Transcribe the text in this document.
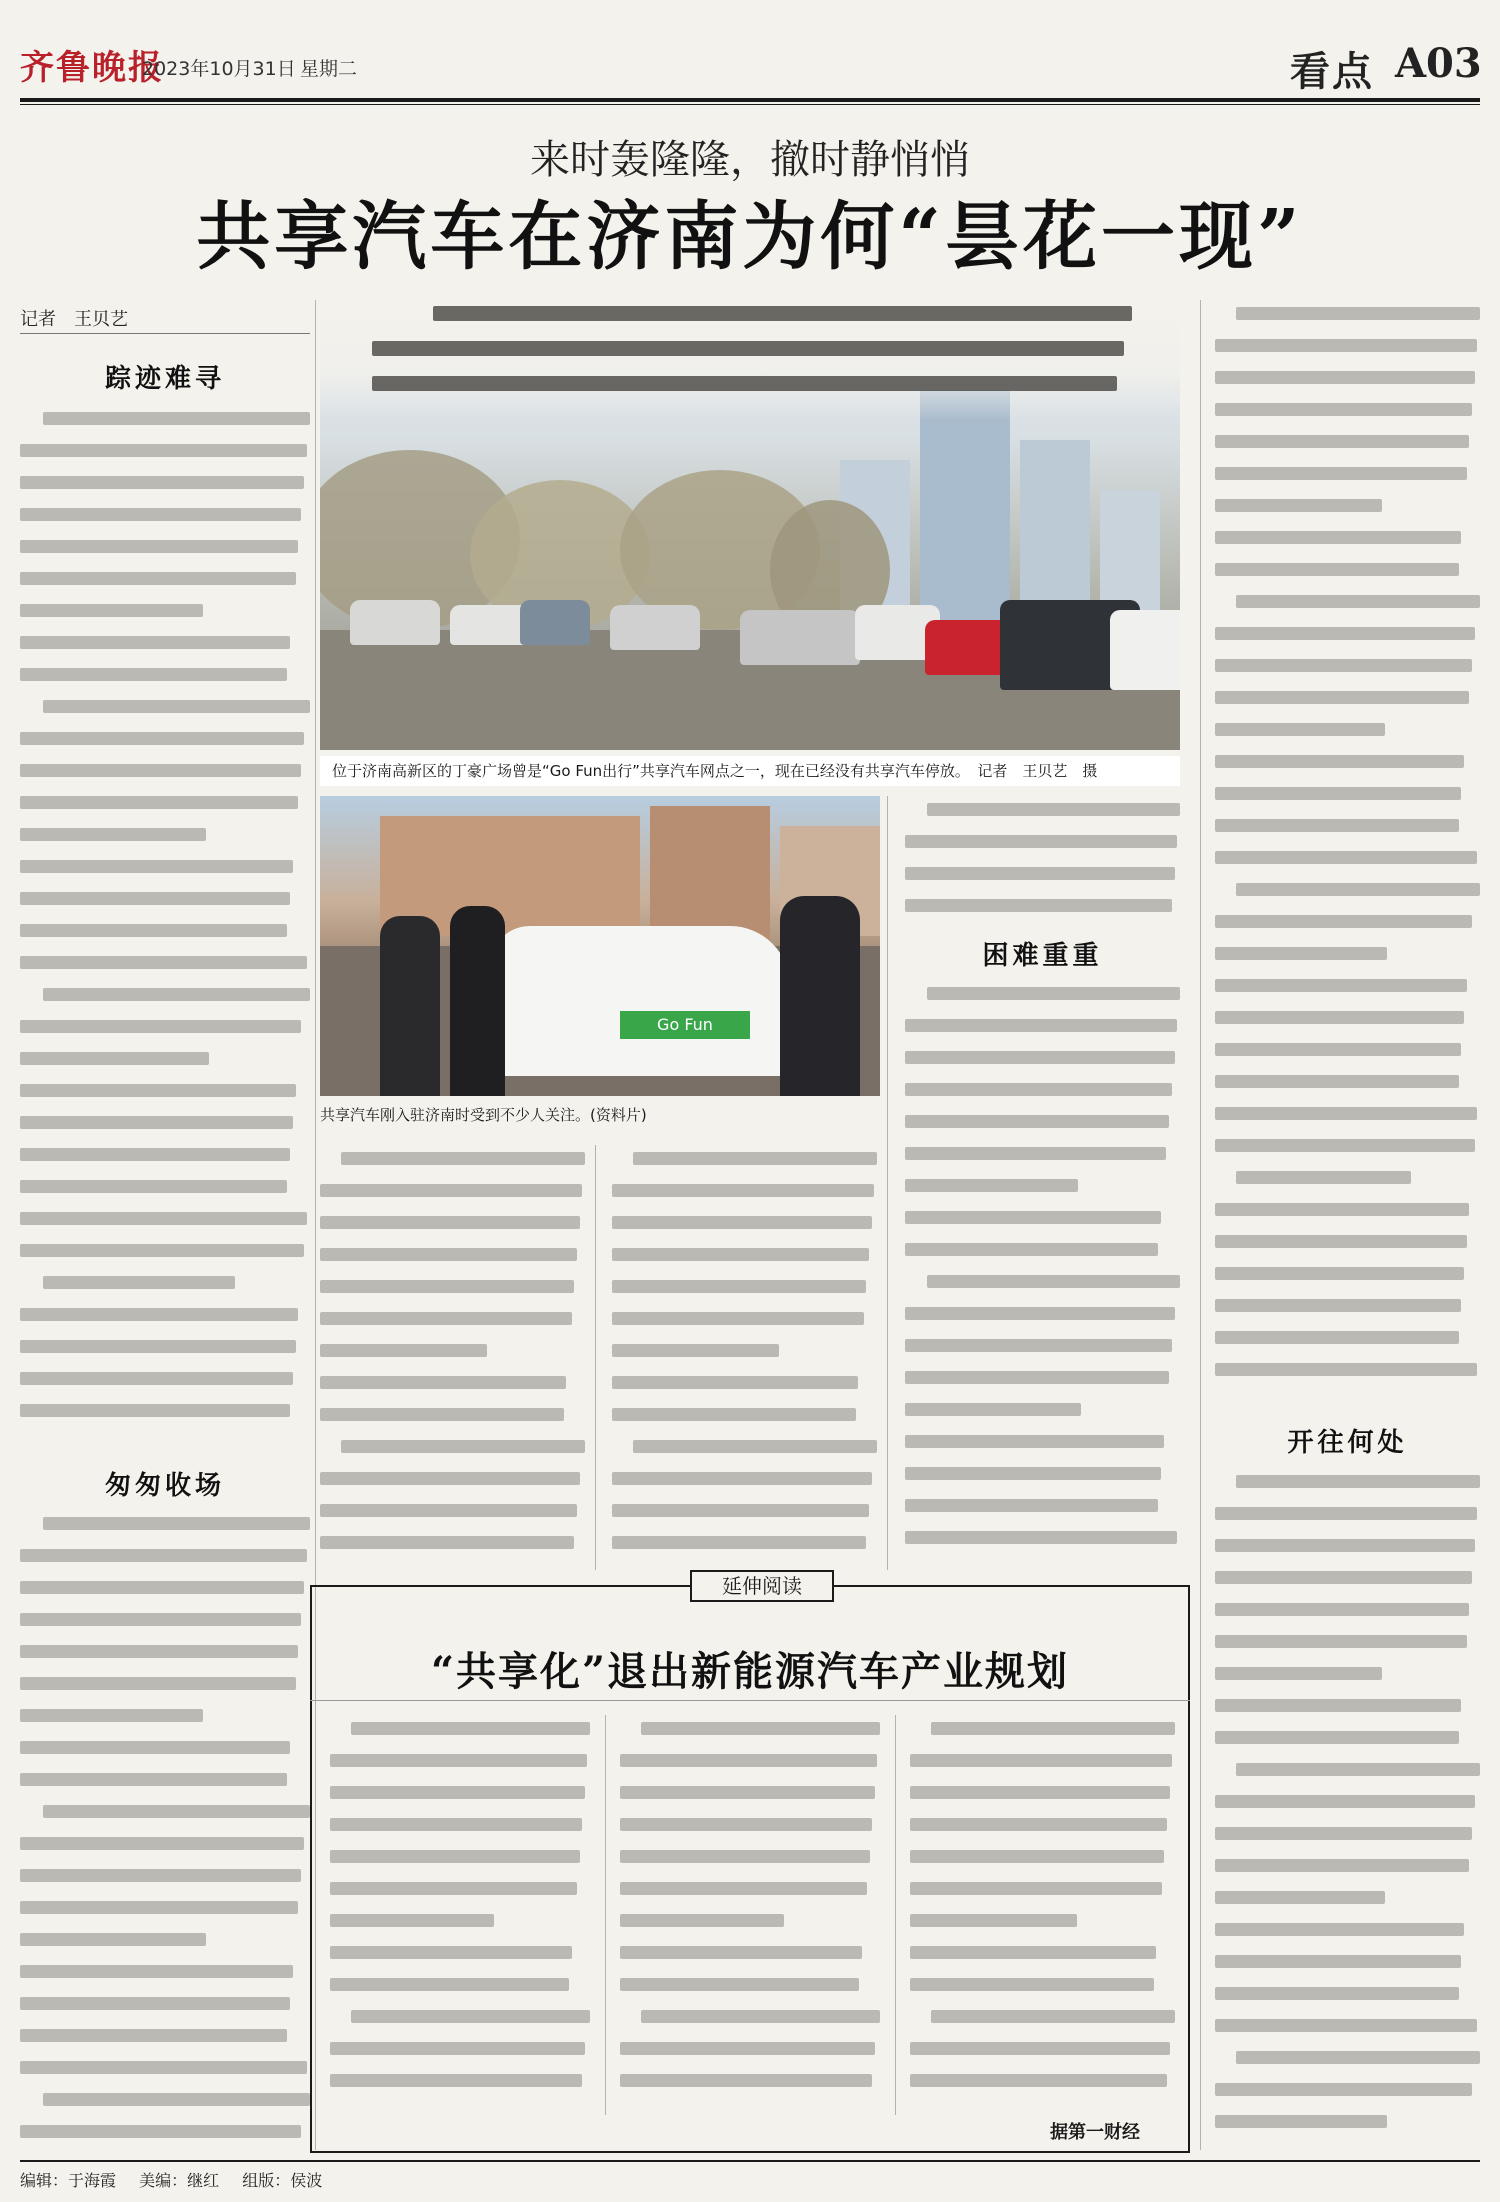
齐鲁晚报
2023年10月31日 星期二	看点 A03
来时轰隆隆，撤时静悄悄
共享汽车在济南为何“昙花一现”
记者　王贝艺
踪迹难寻
匆匆收场
位于济南高新区的丁豪广场曾是“Go Fun出行”共享汽车网点之一，现在已经没有共享汽车停放。　记者　王贝艺　摄
Go Fun
共享汽车刚入驻济南时受到不少人关注。(资料片)
困难重重
开往何处
延伸阅读
“共享化”退出新能源汽车产业规划
据第一财经
编辑：于海霞 美编：继红 组版：侯波
